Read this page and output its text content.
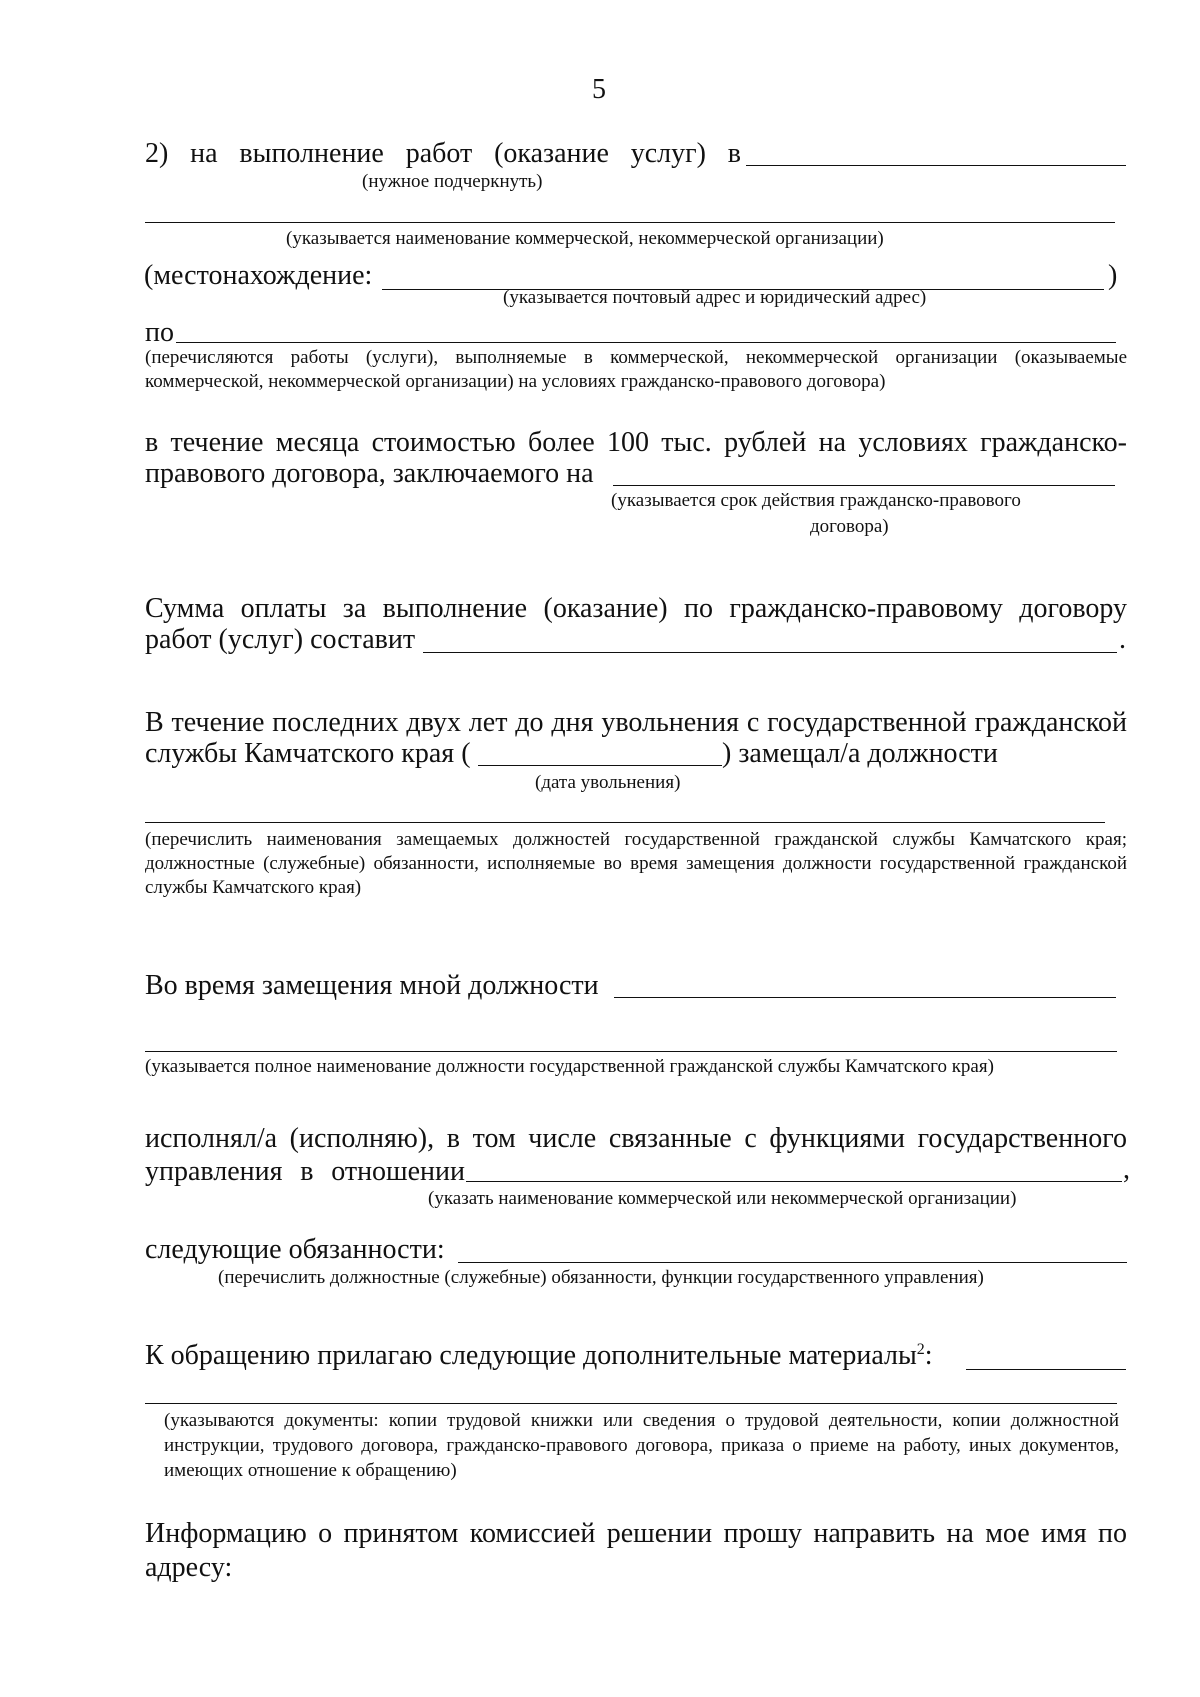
5
2) на выполнение работ (оказание услуг) в
(нужное подчеркнуть)
(указывается наименование коммерческой, некоммерческой организации)
(местонахождение:	)
(указывается почтовый адрес и юридический адрес)
по
(перечисляются работы (услуги), выполняемые в коммерческой, некоммерческой организации (оказываемые коммерческой, некоммерческой организации) на условиях гражданско-правового договора)
в течение месяца стоимостью более 100 тыс. рублей на условиях гражданско-
правового договора, заключаемого на
(указывается срок действия гражданско-правового
договора)
Сумма оплаты за выполнение (оказание) по гражданско-правовому договору
работ (услуг) составит	.
В течение последних двух лет до дня увольнения с государственной гражданской
службы Камчатского края (	) замещал/а должности
(дата увольнения)
(перечислить наименования замещаемых должностей государственной гражданской службы Камчатского края; должностные (служебные) обязанности, исполняемые во время замещения должности государственной гражданской службы Камчатского края)
Во время замещения мной должности
(указывается полное наименование должности государственной гражданской службы Камчатского края)
исполнял/а (исполняю), в том числе связанные с функциями государственного
управления в отношении	,
(указать наименование коммерческой или некоммерческой организации)
следующие обязанности:
(перечислить должностные (служебные) обязанности, функции государственного управления)
К обращению прилагаю следующие дополнительные материалы$^2$:
(указываются документы: копии трудовой книжки или сведения о трудовой деятельности, копии должностной инструкции, трудового договора, гражданско-правового договора, приказа о приеме на работу, иных документов, имеющих отношение к обращению)
Информацию о принятом комиссией решении прошу направить на мое имя по адресу:
